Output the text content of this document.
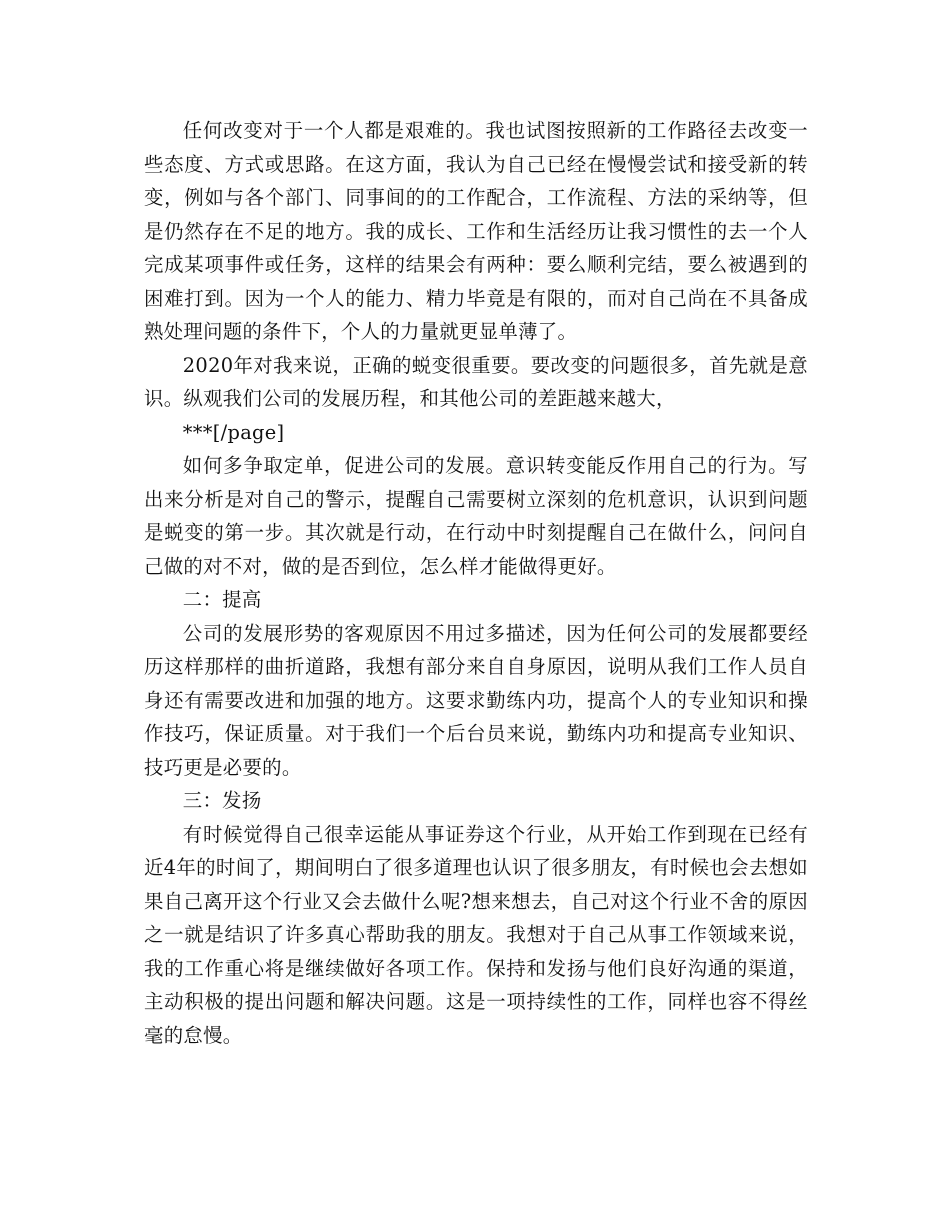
任何改变对于一个人都是艰难的。我也试图按照新的工作路径去改变一些态度、方式或思路。在这方面，我认为自己已经在慢慢尝试和接受新的转变，例如与各个部门、同事间的的工作配合，工作流程、方法的采纳等，但是仍然存在不足的地方。我的成长、工作和生活经历让我习惯性的去一个人完成某项事件或任务，这样的结果会有两种：要么顺利完结，要么被遇到的困难打到。因为一个人的能力、精力毕竟是有限的，而对自己尚在不具备成熟处理问题的条件下，个人的力量就更显单薄了。

2020年对我来说，正确的蜕变很重要。要改变的问题很多，首先就是意识。纵观我们公司的发展历程，和其他公司的差距越来越大，

***[/page]

如何多争取定单，促进公司的发展。意识转变能反作用自己的行为。写出来分析是对自己的警示，提醒自己需要树立深刻的危机意识，认识到问题是蜕变的第一步。其次就是行动，在行动中时刻提醒自己在做什么，问问自己做的对不对，做的是否到位，怎么样才能做得更好。

二：提高

公司的发展形势的客观原因不用过多描述，因为任何公司的发展都要经历这样那样的曲折道路，我想有部分来自自身原因，说明从我们工作人员自身还有需要改进和加强的地方。这要求勤练内功，提高个人的专业知识和操作技巧，保证质量。对于我们一个后台员来说，勤练内功和提高专业知识、技巧更是必要的。

三：发扬

有时候觉得自己很幸运能从事证券这个行业，从开始工作到现在已经有近4年的时间了，期间明白了很多道理也认识了很多朋友，有时候也会去想如果自己离开这个行业又会去做什么呢?想来想去，自己对这个行业不舍的原因之一就是结识了许多真心帮助我的朋友。我想对于自己从事工作领域来说，我的工作重心将是继续做好各项工作。保持和发扬与他们良好沟通的渠道，主动积极的提出问题和解决问题。这是一项持续性的工作，同样也容不得丝毫的怠慢。
